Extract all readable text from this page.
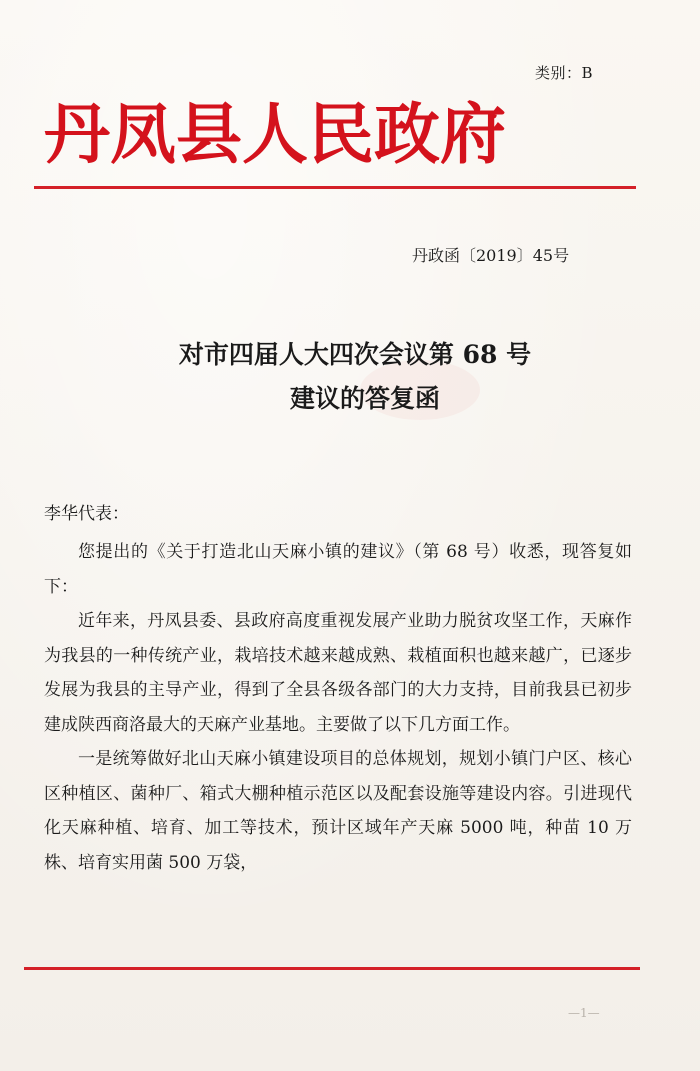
类别：B
丹凤县人民政府
丹政函〔2019〕45号
对市四届人大四次会议第 68 号
建议的答复函
李华代表：

您提出的《关于打造北山天麻小镇的建议》（第 68 号）收悉，现答复如下：

近年来，丹凤县委、县政府高度重视发展产业助力脱贫攻坚工作，天麻作为我县的一种传统产业，栽培技术越来越成熟、栽植面积也越来越广，已逐步发展为我县的主导产业，得到了全县各级各部门的大力支持，目前我县已初步建成陕西商洛最大的天麻产业基地。主要做了以下几方面工作。

一是统筹做好北山天麻小镇建设项目的总体规划，规划小镇门户区、核心区种植区、菌种厂、箱式大棚种植示范区以及配套设施等建设内容。引进现代化天麻种植、培育、加工等技术，预计区域年产天麻 5000 吨，种苗 10 万株、培育实用菌 500 万袋，

—1—
